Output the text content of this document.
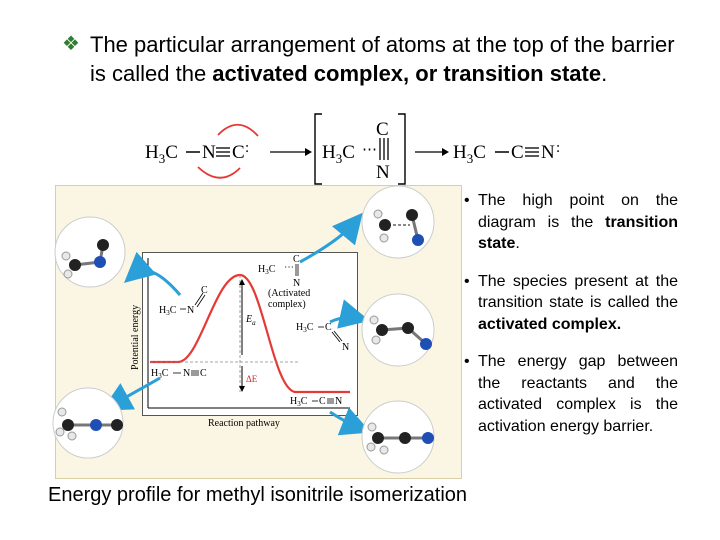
❖ The particular arrangement of atoms at the top of the barrier is called the activated complex, or transition state.
$H_3C$ N C :	$H_3C$ ⋯
C
N
$H_3C$ C N :
Potential energy
Reaction pathway
$E_a$
ΔE
$H_3C$ ⋯
C
N
(Activated
complex)
$H_3C$ N
C
$H_3C$ N C
$H_3C$ C
N
$H_3C$ C N
• The high point on the diagram is the transition state.
• The species present at the transition state is called the activated complex.
• The energy gap between the reactants and the activated complex is the activation energy barrier.
Energy profile for methyl isonitrile isomerization
